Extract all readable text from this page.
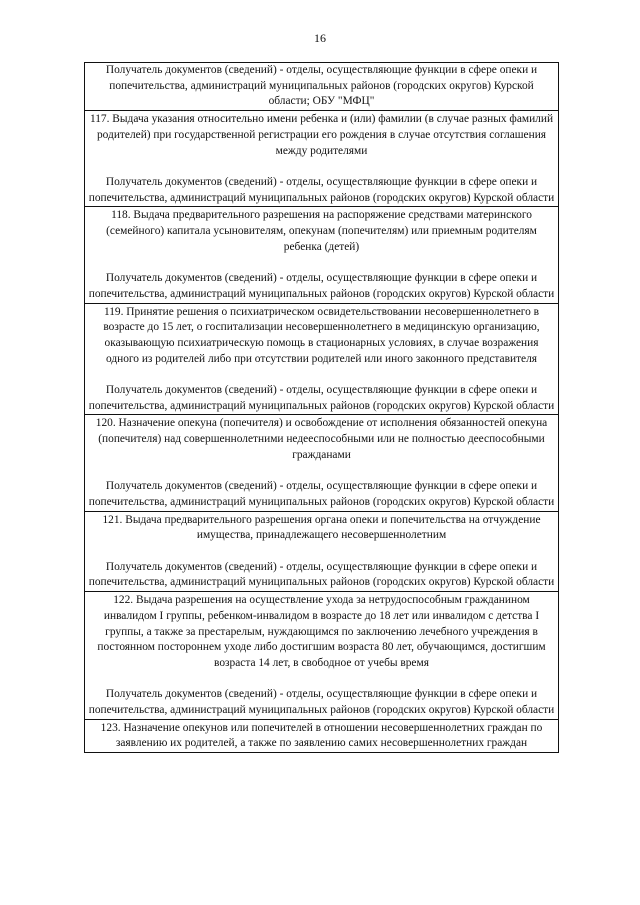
16

Получатель документов (сведений) - отделы, осуществляющие функции в сфере опеки и попечительства, администраций муниципальных районов (городских округов) Курской области; ОБУ "МФЦ"

117. Выдача указания относительно имени ребенка и (или) фамилии (в случае разных фамилий родителей) при государственной регистрации его рождения в случае отсутствия соглашения между родителями

Получатель документов (сведений) - отделы, осуществляющие функции в сфере опеки и попечительства, администраций муниципальных районов (городских округов) Курской области

118. Выдача предварительного разрешения на распоряжение средствами материнского (семейного) капитала усыновителям, опекунам (попечителям) или приемным родителям ребенка (детей)

Получатель документов (сведений) - отделы, осуществляющие функции в сфере опеки и попечительства, администраций муниципальных районов (городских округов) Курской области

119. Принятие решения о психиатрическом освидетельствовании несовершеннолетнего в возрасте до 15 лет, о госпитализации несовершеннолетнего в медицинскую организацию, оказывающую психиатрическую помощь в стационарных условиях, в случае возражения одного из родителей либо при отсутствии родителей или иного законного представителя

Получатель документов (сведений) - отделы, осуществляющие функции в сфере опеки и попечительства, администраций муниципальных районов (городских округов) Курской области

120. Назначение опекуна (попечителя) и освобождение от исполнения обязанностей опекуна (попечителя) над совершеннолетними недееспособными или не полностью дееспособными гражданами

Получатель документов (сведений) - отделы, осуществляющие функции в сфере опеки и попечительства, администраций муниципальных районов (городских округов) Курской области

121. Выдача предварительного разрешения органа опеки и попечительства на отчуждение имущества, принадлежащего несовершеннолетним

Получатель документов (сведений) - отделы, осуществляющие функции в сфере опеки и попечительства, администраций муниципальных районов (городских округов) Курской области

122. Выдача разрешения на осуществление ухода за нетрудоспособным гражданином инвалидом I группы, ребенком-инвалидом в возрасте до 18 лет или инвалидом с детства I группы, а также за престарелым, нуждающимся по заключению лечебного учреждения в постоянном постороннем уходе либо достигшим возраста 80 лет, обучающимся, достигшим возраста 14 лет, в свободное от учебы время

Получатель документов (сведений) - отделы, осуществляющие функции в сфере опеки и попечительства, администраций муниципальных районов (городских округов) Курской области

123. Назначение опекунов или попечителей в отношении несовершеннолетних граждан по заявлению их родителей, а также по заявлению самих несовершеннолетних граждан
